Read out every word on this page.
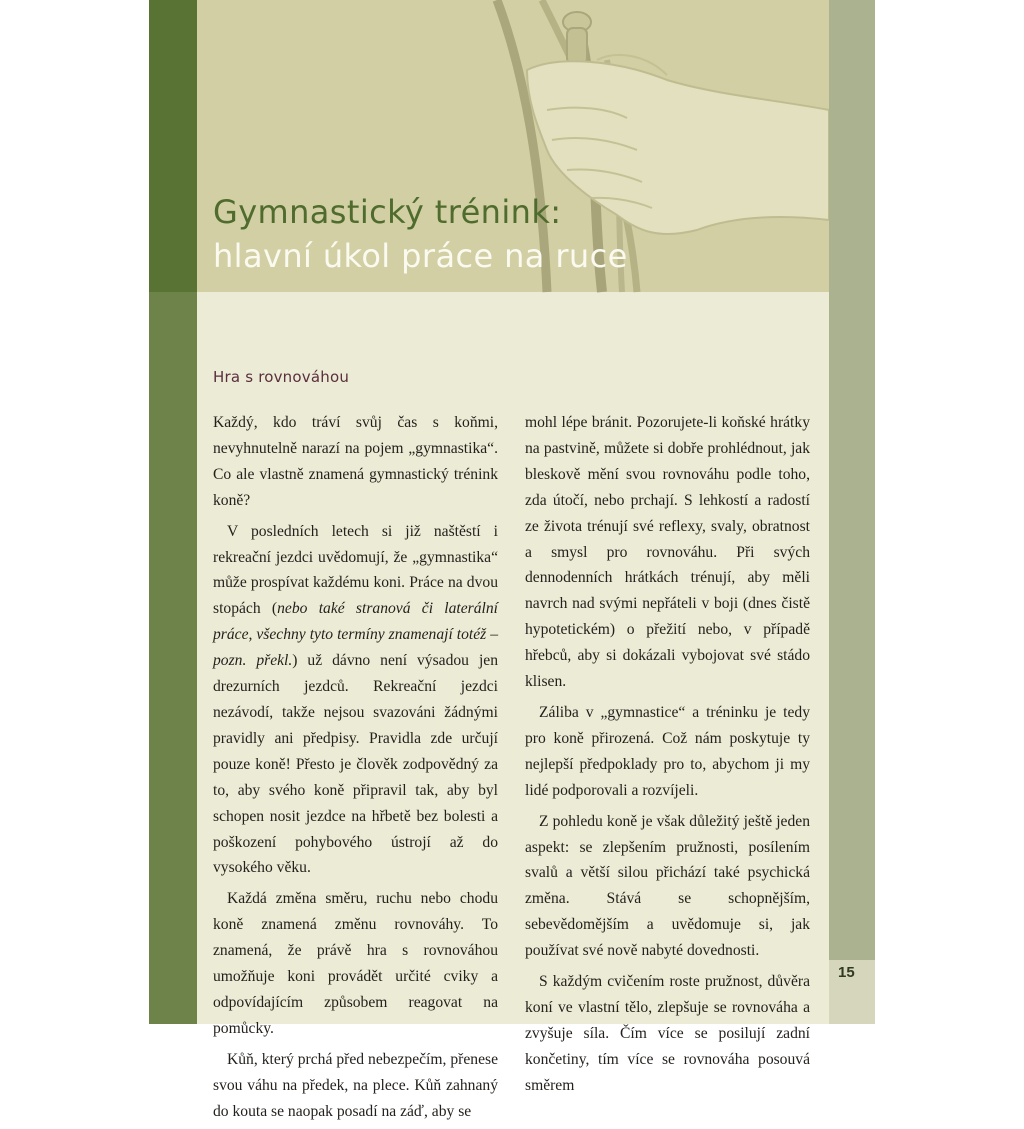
15
Gymnastický trénink:
hlavní úkol práce na ruce
Hra s rovnováhou

Každý, kdo tráví svůj čas s koňmi, nevyhnutelně narazí na pojem „gymnastika“. Co ale vlastně znamená gymnastický trénink koně?

V posledních letech si již naštěstí i rekreační jezdci uvědomují, že „gymnastika“ může prospívat každému koni. Práce na dvou stopách (nebo také stranová či laterální práce, všechny tyto termíny znamenají totéž – pozn. překl.) už dávno není výsadou jen drezurních jezdců. Rekreační jezdci nezávodí, takže nejsou svazováni žádnými pravidly ani předpisy. Pravidla zde určují pouze koně! Přesto je člověk zodpovědný za to, aby svého koně připravil tak, aby byl schopen nosit jezdce na hřbetě bez bolesti a poškození pohybového ústrojí až do vysokého věku.

Každá změna směru, ruchu nebo chodu koně znamená změnu rovnováhy. To znamená, že právě hra s rovnováhou umožňuje koni provádět určité cviky a odpovídajícím způsobem reagovat na pomůcky.

Kůň, který prchá před nebezpečím, přenese svou váhu na předek, na plece. Kůň zahnaný do kouta se naopak posadí na záď, aby se

mohl lépe bránit. Pozorujete-li koňské hrátky na pastvině, můžete si dobře prohlédnout, jak bleskově mění svou rovnováhu podle toho, zda útočí, nebo prchají. S lehkostí a radostí ze života trénují své reflexy, svaly, obratnost a smysl pro rovnováhu. Při svých dennodenních hrátkách trénují, aby měli navrch nad svými nepřáteli v boji (dnes čistě hypotetickém) o přežití nebo, v případě hřebců, aby si dokázali vybojovat své stádo klisen.

Záliba v „gymnastice“ a tréninku je tedy pro koně přirozená. Což nám poskytuje ty nejlepší předpoklady pro to, abychom ji my lidé podporovali a rozvíjeli.

Z pohledu koně je však důležitý ještě jeden aspekt: se zlepšením pružnosti, posílením svalů a větší silou přichází také psychická změna. Stává se schopnějším, sebevědomějším a uvědomuje si, jak používat své nově nabyté dovednosti.

S každým cvičením roste pružnost, důvěra koní ve vlastní tělo, zlepšuje se rovnováha a zvyšuje síla. Čím více se posilují zadní končetiny, tím více se rovnováha posouvá směrem
